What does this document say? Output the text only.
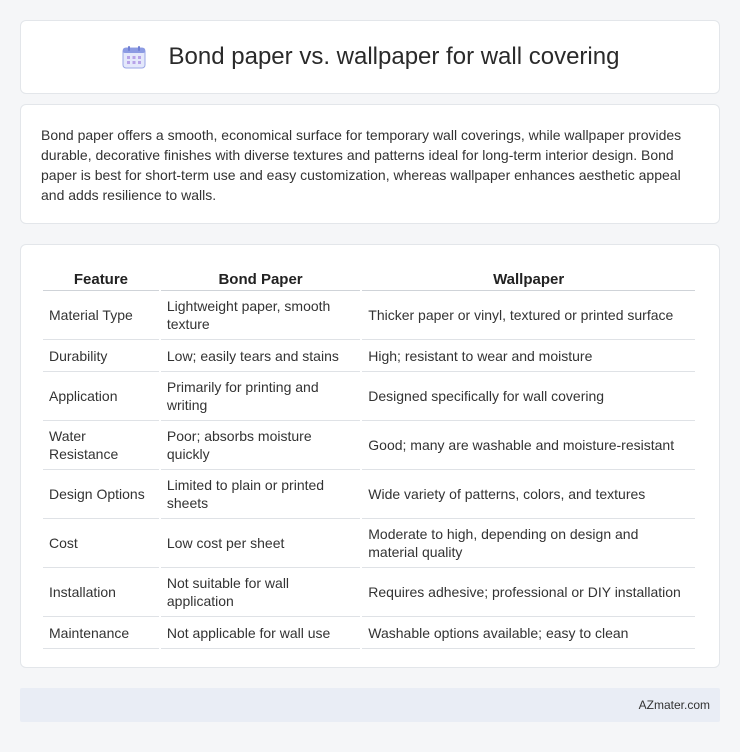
Bond paper vs. wallpaper for wall covering

Bond paper offers a smooth, economical surface for temporary wall coverings, while wallpaper provides durable, decorative finishes with diverse textures and patterns ideal for long-term interior design. Bond paper is best for short-term use and easy customization, whereas wallpaper enhances aesthetic appeal and adds resilience to walls.

Feature	Bond Paper	Wallpaper
Material Type	Lightweight paper, smooth texture	Thicker paper or vinyl, textured or printed surface
Durability	Low; easily tears and stains	High; resistant to wear and moisture
Application	Primarily for printing and writing	Designed specifically for wall covering
Water Resistance	Poor; absorbs moisture quickly	Good; many are washable and moisture-resistant
Design Options	Limited to plain or printed sheets	Wide variety of patterns, colors, and textures
Cost	Low cost per sheet	Moderate to high, depending on design and material quality
Installation	Not suitable for wall application	Requires adhesive; professional or DIY installation
Maintenance	Not applicable for wall use	Washable options available; easy to clean
AZmater.com
